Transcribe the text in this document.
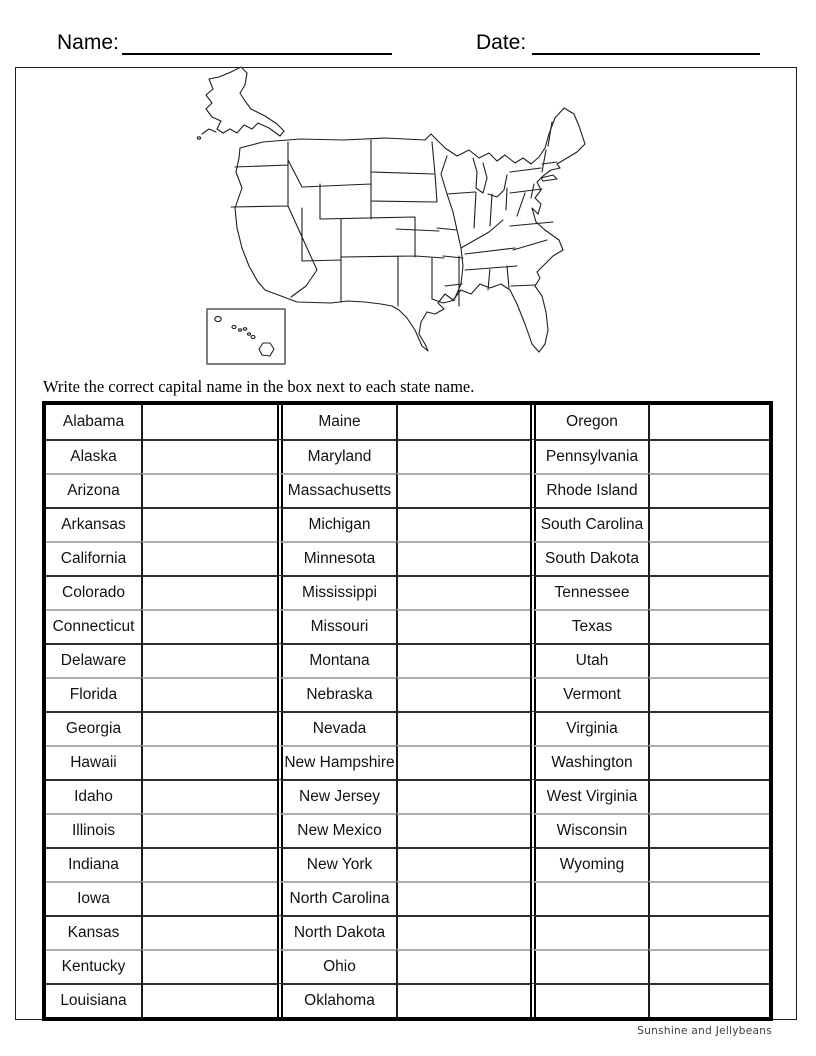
Name:	Date:
Write the correct capital name in the box next to each state name.
Alabama	Maine	Oregon
Alaska	Maryland	Pennsylvania
Arizona	Massachusetts	Rhode Island
Arkansas	Michigan	South Carolina
California	Minnesota	South Dakota
Colorado	Mississippi	Tennessee
Connecticut	Missouri	Texas
Delaware	Montana	Utah
Florida	Nebraska	Vermont
Georgia	Nevada	Virginia
Hawaii	New Hampshire	Washington
Idaho	New Jersey	West Virginia
Illinois	New Mexico	Wisconsin
Indiana	New York	Wyoming
Iowa	North Carolina
Kansas	North Dakota
Kentucky	Ohio
Louisiana	Oklahoma
Sunshine and Jellybeans
